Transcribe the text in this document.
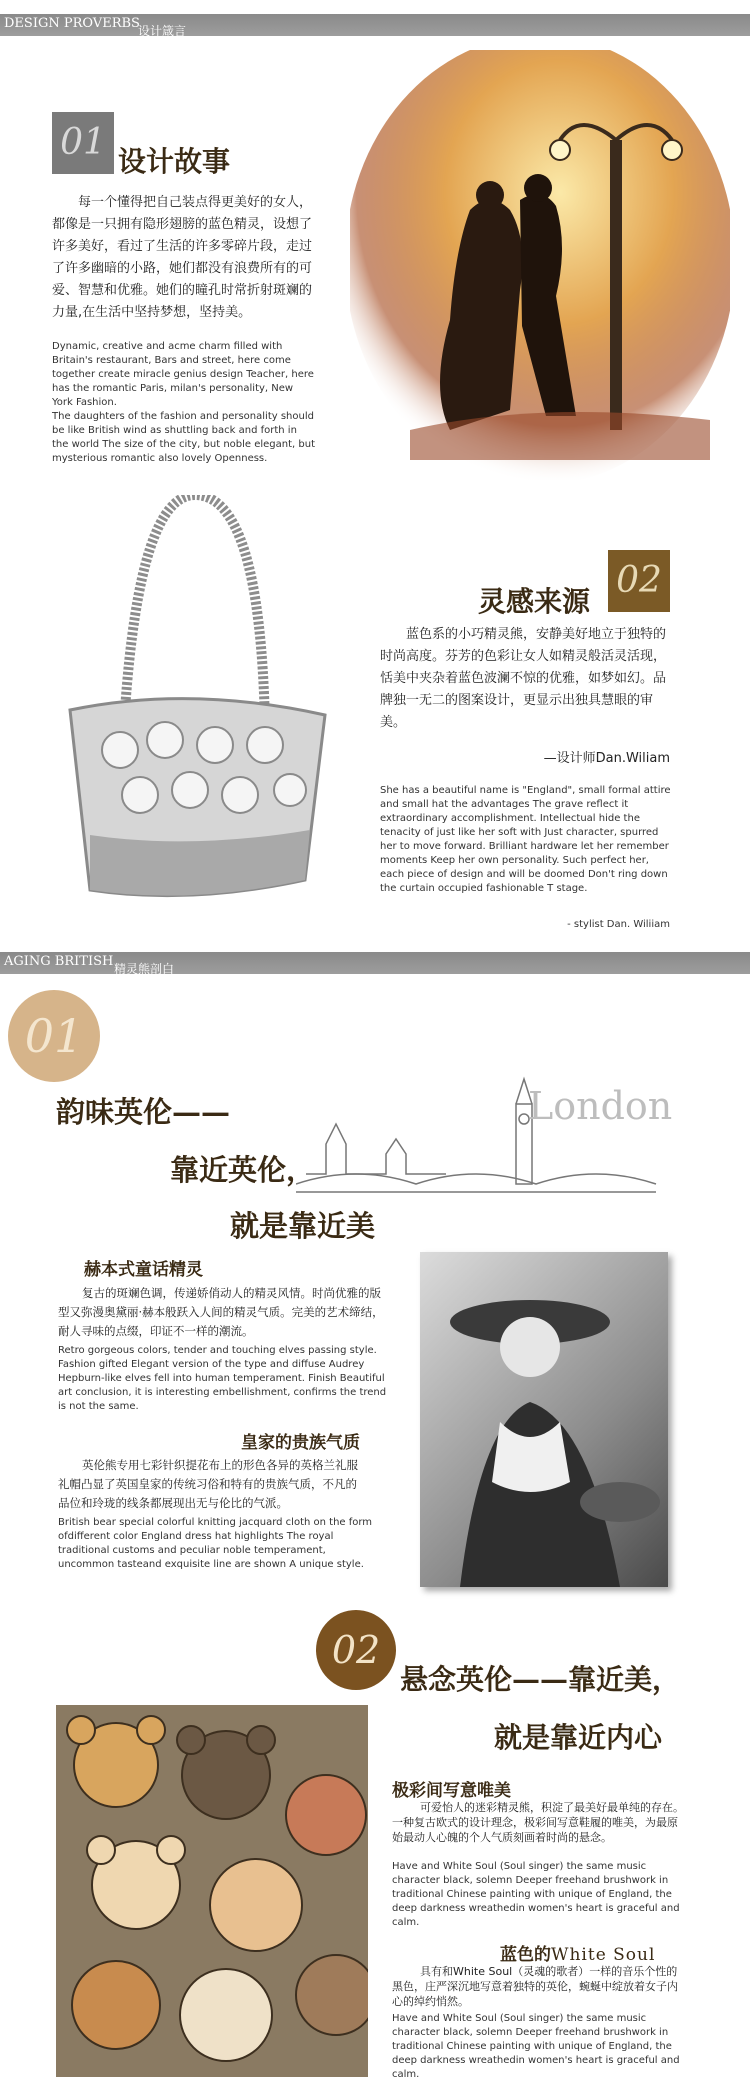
DESIGN PROVERBS
设计箴言
01 设计故事
每一个懂得把自己装点得更美好的女人，都像是一只拥有隐形翅膀的蓝色精灵，设想了许多美好，看过了生活的许多零碎片段，走过了许多幽暗的小路，她们都没有浪费所有的可爱、智慧和优雅。她们的瞳孔时常折射斑斓的力量,在生活中坚持梦想，坚持美。
Dynamic, creative and acme charm filled with Britain's restaurant, Bars and street, here come together create miracle genius design Teacher, here has the romantic Paris, milan's personality, New York Fashion.
The daughters of the fashion and personality should be like British wind as shuttling back and forth in the world The size of the city, but noble elegant, but mysterious romantic also lovely Openness.
灵感来源
02
蓝色系的小巧精灵熊，安静美好地立于独特的时尚高度。芬芳的色彩让女人如精灵般活灵活现，恬美中夹杂着蓝色波澜不惊的优雅，如梦如幻。品牌独一无二的图案设计，更显示出独具慧眼的审美。
—设计师Dan.Wiliam
She has a beautiful name is "England", small formal attire and small hat the advantages The grave reflect it extraordinary accomplishment. Intellectual hide the tenacity of just like her soft with Just character, spurred her to move forward. Brilliant hardware let her remember moments Keep her own personality. Such perfect her, each piece of design and will be doomed Don't ring down the curtain occupied fashionable T stage.
- stylist Dan. Wiliiam
AGING BRITISH 精灵熊剖白
01
韵味英伦——
靠近英伦，
就是靠近美
London
赫本式童话精灵
复古的斑斓色调，传递娇俏动人的精灵风情。时尚优雅的版型又弥漫奥黛丽·赫本般跃入人间的精灵气质。完美的艺术缔结，耐人寻味的点缀，印证不一样的潮流。
Retro gorgeous colors, tender and touching elves passing style. Fashion gifted Elegant version of the type and diffuse Audrey Hepburn-like elves fell into human temperament. Finish Beautiful art conclusion, it is interesting embellishment, confirms the trend is not the same.
皇家的贵族气质
英伦熊专用七彩针织提花布上的形色各异的英格兰礼服礼帽凸显了英国皇家的传统习俗和特有的贵族气质，不凡的品位和玲珑的线条都展现出无与伦比的气派。
British bear special colorful knitting jacquard cloth on the form ofdifferent color England dress hat highlights The royal traditional customs and peculiar noble temperament, uncommon tasteand exquisite line are shown A unique style.
02
悬念英伦——靠近美，
就是靠近内心
极彩间写意唯美
可爱怡人的迷彩精灵熊，积淀了最美好最单纯的存在。一种复古欧式的设计理念，极彩间写意鞋履的唯美，为最原始最动人心魄的个人气质刻画着时尚的悬念。
Have and White Soul (Soul singer) the same music character black, solemn Deeper freehand brushwork in traditional Chinese painting with unique of England, the deep darkness wreathedin women's heart is graceful and calm.
蓝色的White Soul
具有和White Soul（灵魂的歌者）一样的音乐个性的黑色，庄严深沉地写意着独特的英伦，蜿蜒中绽放着女子内心的绰约悄然。
Have and White Soul (Soul singer) the same music character black, solemn Deeper freehand brushwork in traditional Chinese painting with unique of England, the deep darkness wreathedin women's heart is graceful and calm.
